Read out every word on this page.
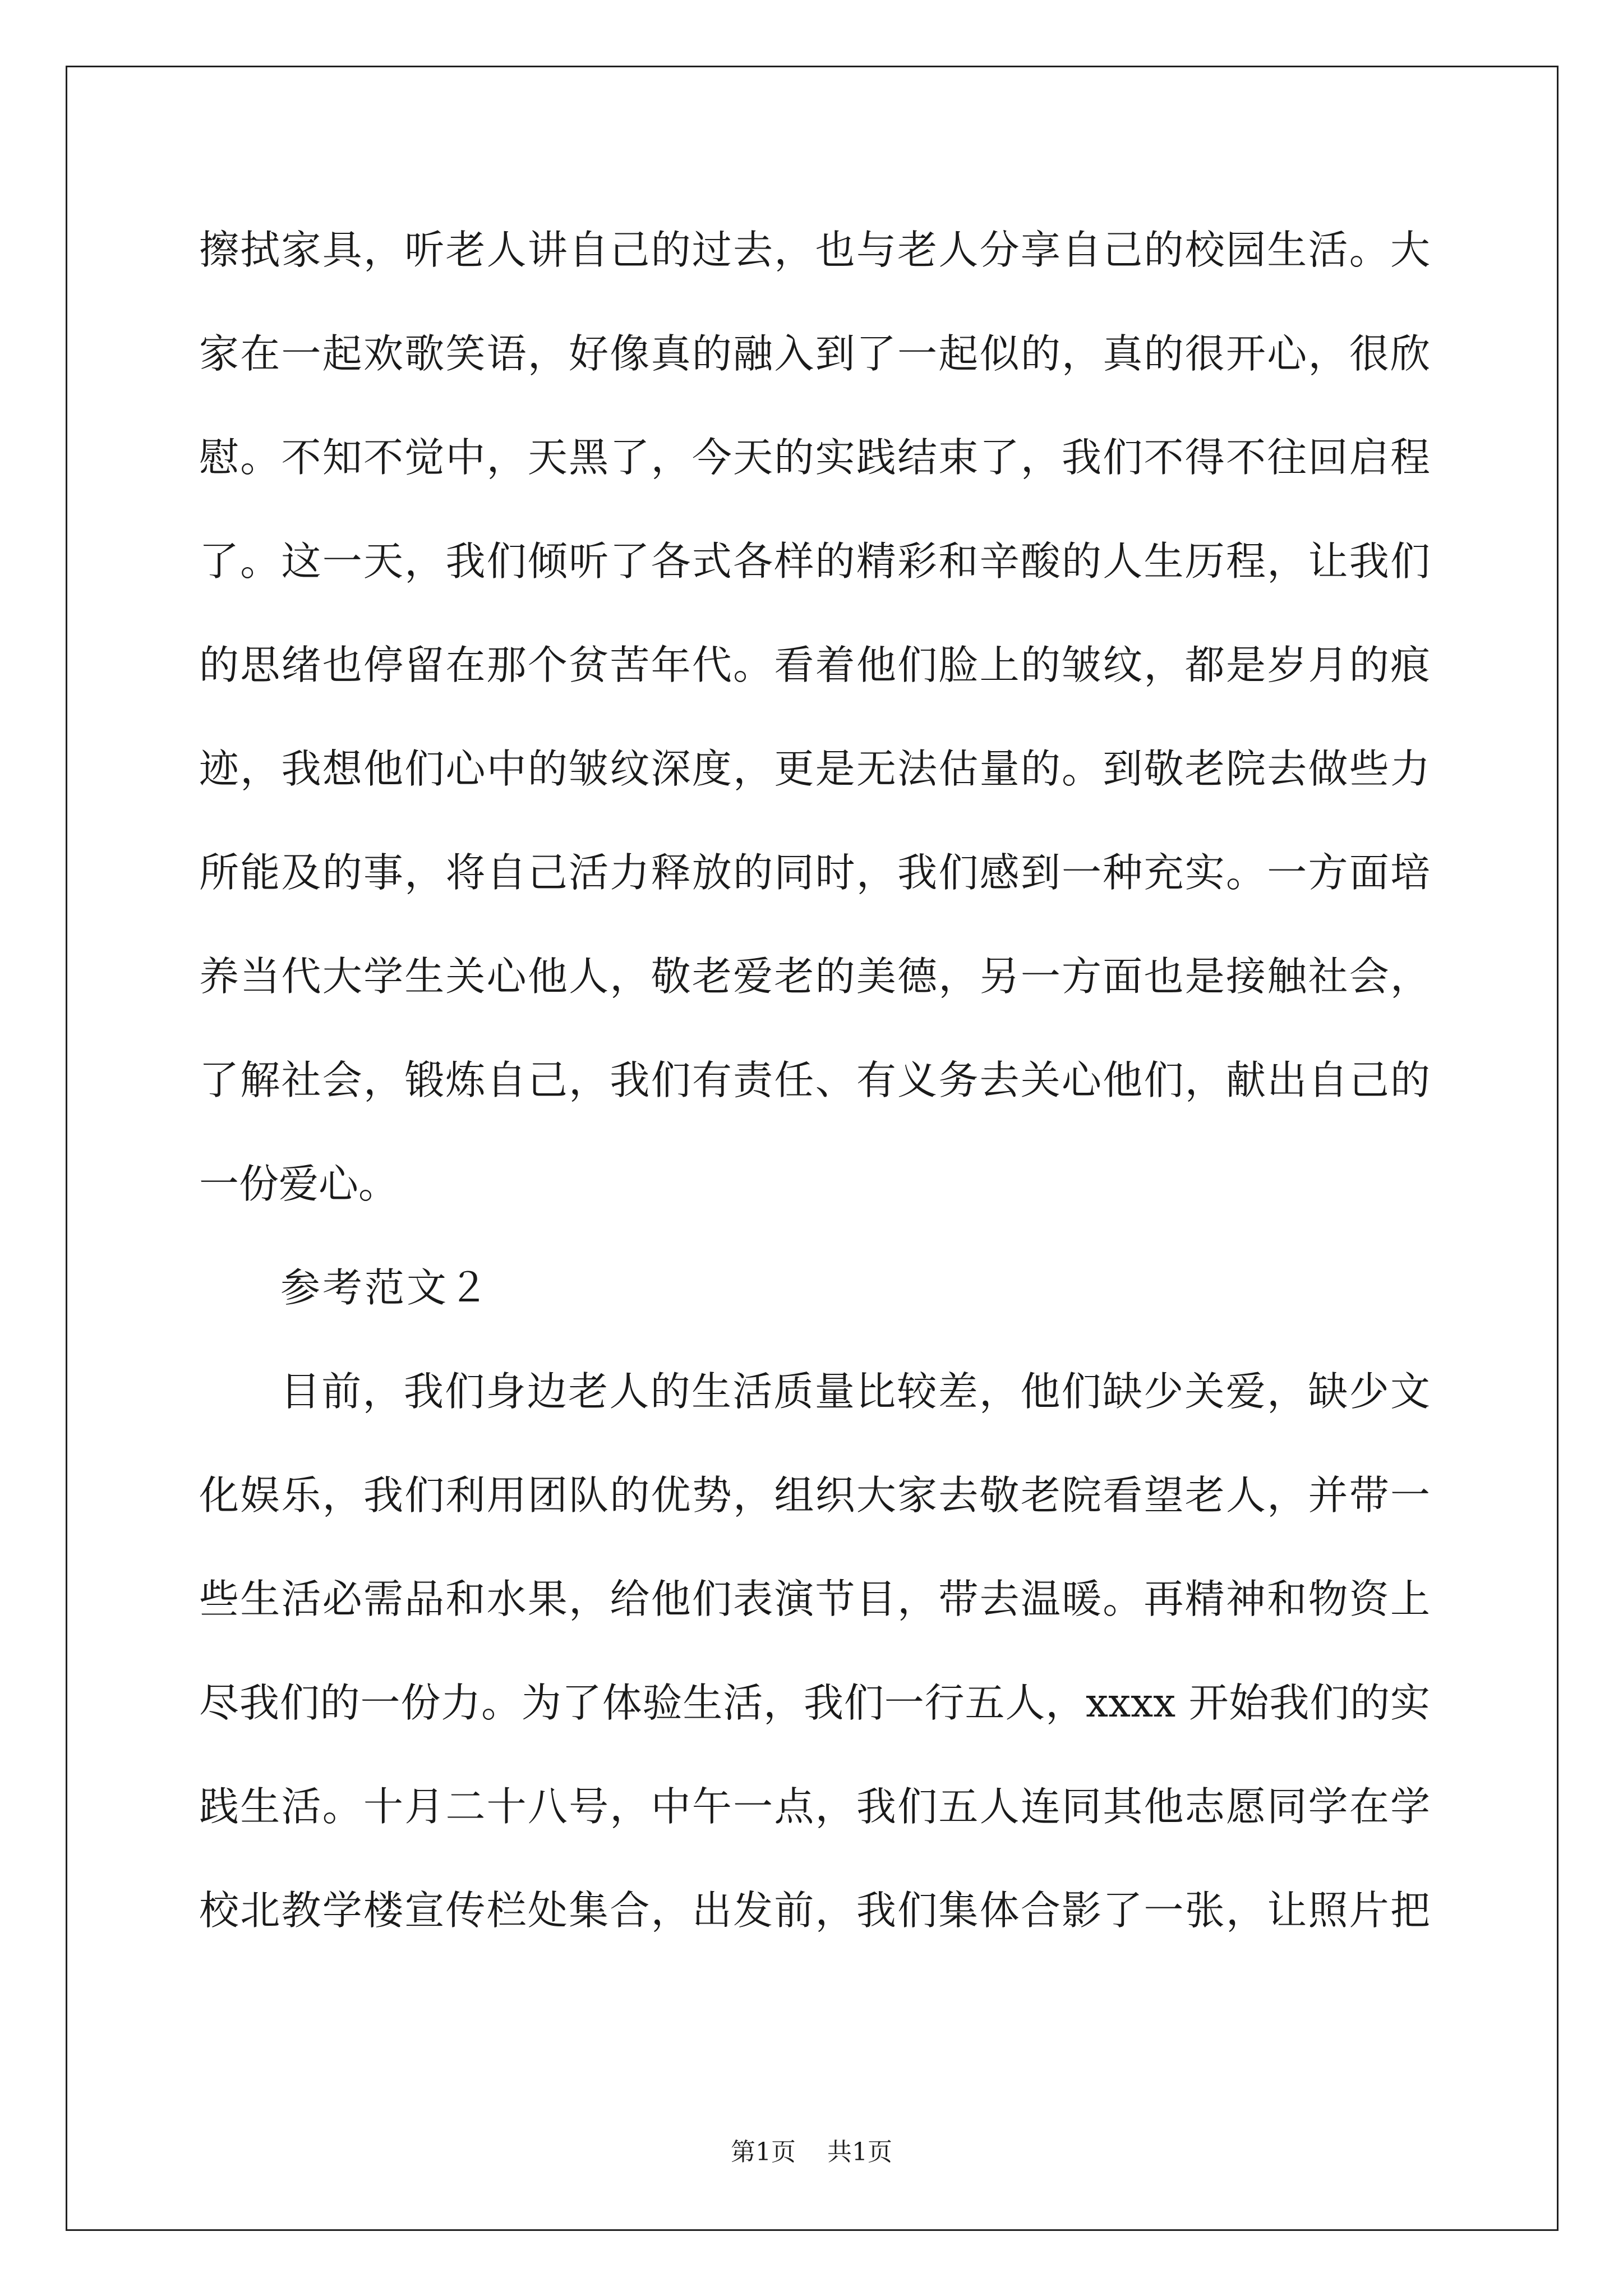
擦拭家具，听老人讲自己的过去，也与老人分享自己的校园生活。大
家在一起欢歌笑语，好像真的融入到了一起似的，真的很开心，很欣
慰。不知不觉中，天黑了，今天的实践结束了，我们不得不往回启程
了。这一天，我们倾听了各式各样的精彩和辛酸的人生历程，让我们
的思绪也停留在那个贫苦年代。看着他们脸上的皱纹，都是岁月的痕
迹，我想他们心中的皱纹深度，更是无法估量的。到敬老院去做些力
所能及的事，将自己活力释放的同时，我们感到一种充实。一方面培
养当代大学生关心他人，敬老爱老的美德，另一方面也是接触社会，
了解社会，锻炼自己，我们有责任、有义务去关心他们，献出自己的
一份爱心。
参考范文２
目前，我们身边老人的生活质量比较差，他们缺少关爱，缺少文
化娱乐，我们利用团队的优势，组织大家去敬老院看望老人，并带一
些生活必需品和水果，给他们表演节目，带去温暖。再精神和物资上
尽我们的一份力。为了体验生活，我们一行五人，xxxx 开始我们的实
践生活。十月二十八号，中午一点，我们五人连同其他志愿同学在学
校北教学楼宣传栏处集合，出发前，我们集体合影了一张，让照片把
第1页 共1页
